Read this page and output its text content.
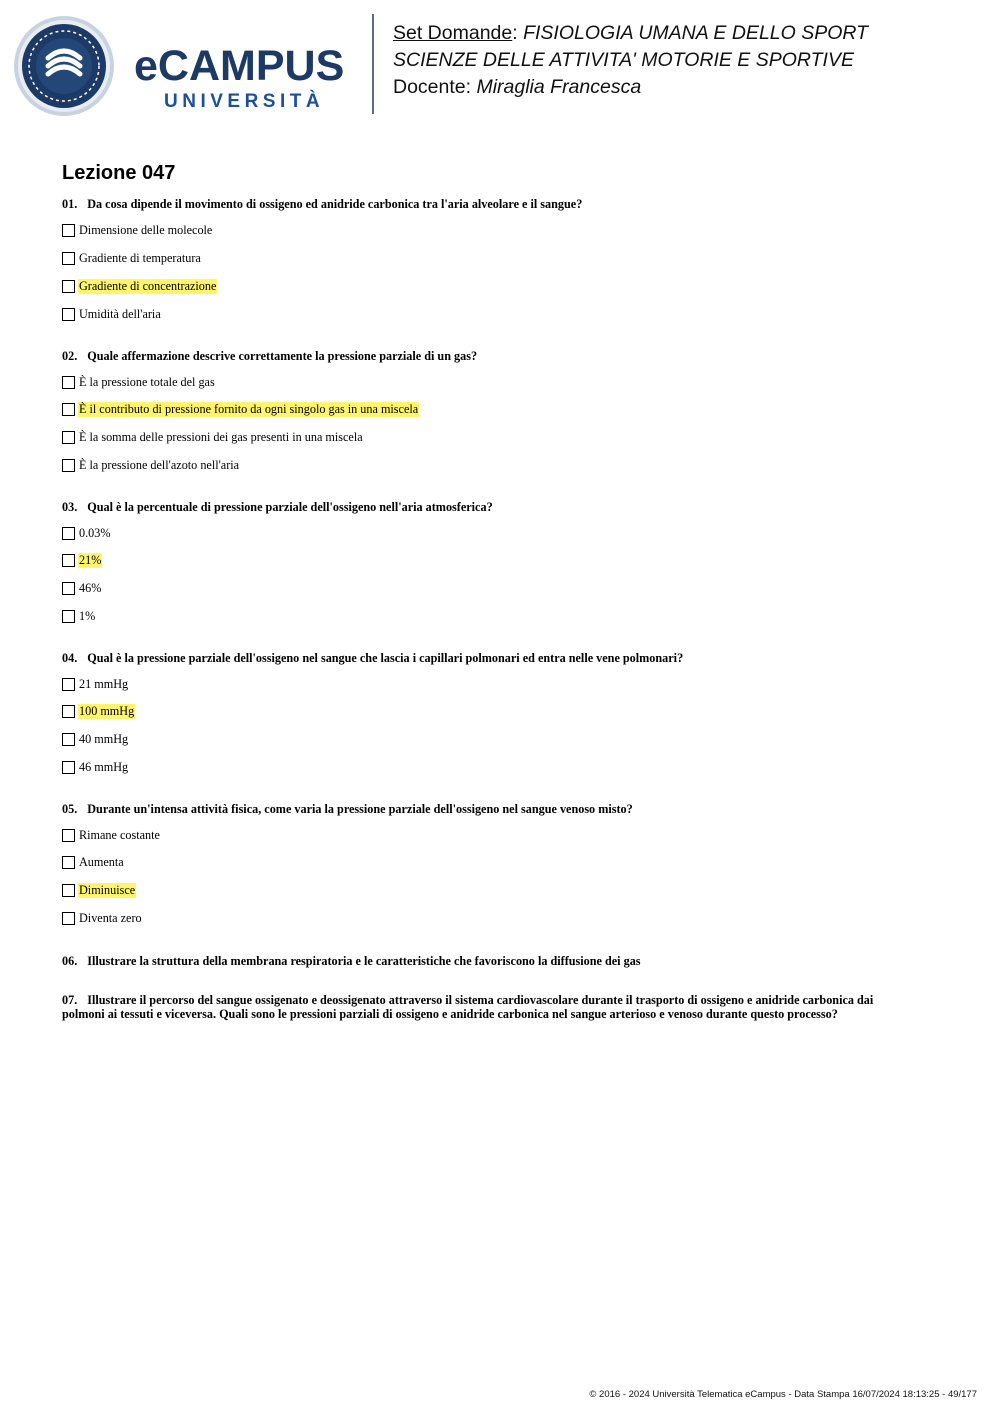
eCAMPUS
UNIVERSITÀ
Set Domande: FISIOLOGIA UMANA E DELLO SPORT
SCIENZE DELLE ATTIVITA' MOTORIE E SPORTIVE
Docente: Miraglia Francesca
Lezione 047
01. Da cosa dipende il movimento di ossigeno ed anidride carbonica tra l'aria alveolare e il sangue?
Dimensione delle molecole
Gradiente di temperatura
Gradiente di concentrazione
Umidità dell'aria
02. Quale affermazione descrive correttamente la pressione parziale di un gas?
È la pressione totale del gas
È il contributo di pressione fornito da ogni singolo gas in una miscela
È la somma delle pressioni dei gas presenti in una miscela
È la pressione dell'azoto nell'aria
03. Qual è la percentuale di pressione parziale dell'ossigeno nell'aria atmosferica?
0.03%
21%
46%
1%
04. Qual è la pressione parziale dell'ossigeno nel sangue che lascia i capillari polmonari ed entra nelle vene polmonari?
21 mmHg
100 mmHg
40 mmHg
46 mmHg
05. Durante un'intensa attività fisica, come varia la pressione parziale dell'ossigeno nel sangue venoso misto?
Rimane costante
Aumenta
Diminuisce
Diventa zero
06. Illustrare la struttura della membrana respiratoria e le caratteristiche che favoriscono la diffusione dei gas
07. Illustrare il percorso del sangue ossigenato e deossigenato attraverso il sistema cardiovascolare durante il trasporto di ossigeno e anidride carbonica dai polmoni ai tessuti e viceversa. Quali sono le pressioni parziali di ossigeno e anidride carbonica nel sangue arterioso e venoso durante questo processo?
© 2016 - 2024 Università Telematica eCampus - Data Stampa 16/07/2024 18:13:25 - 49/177
